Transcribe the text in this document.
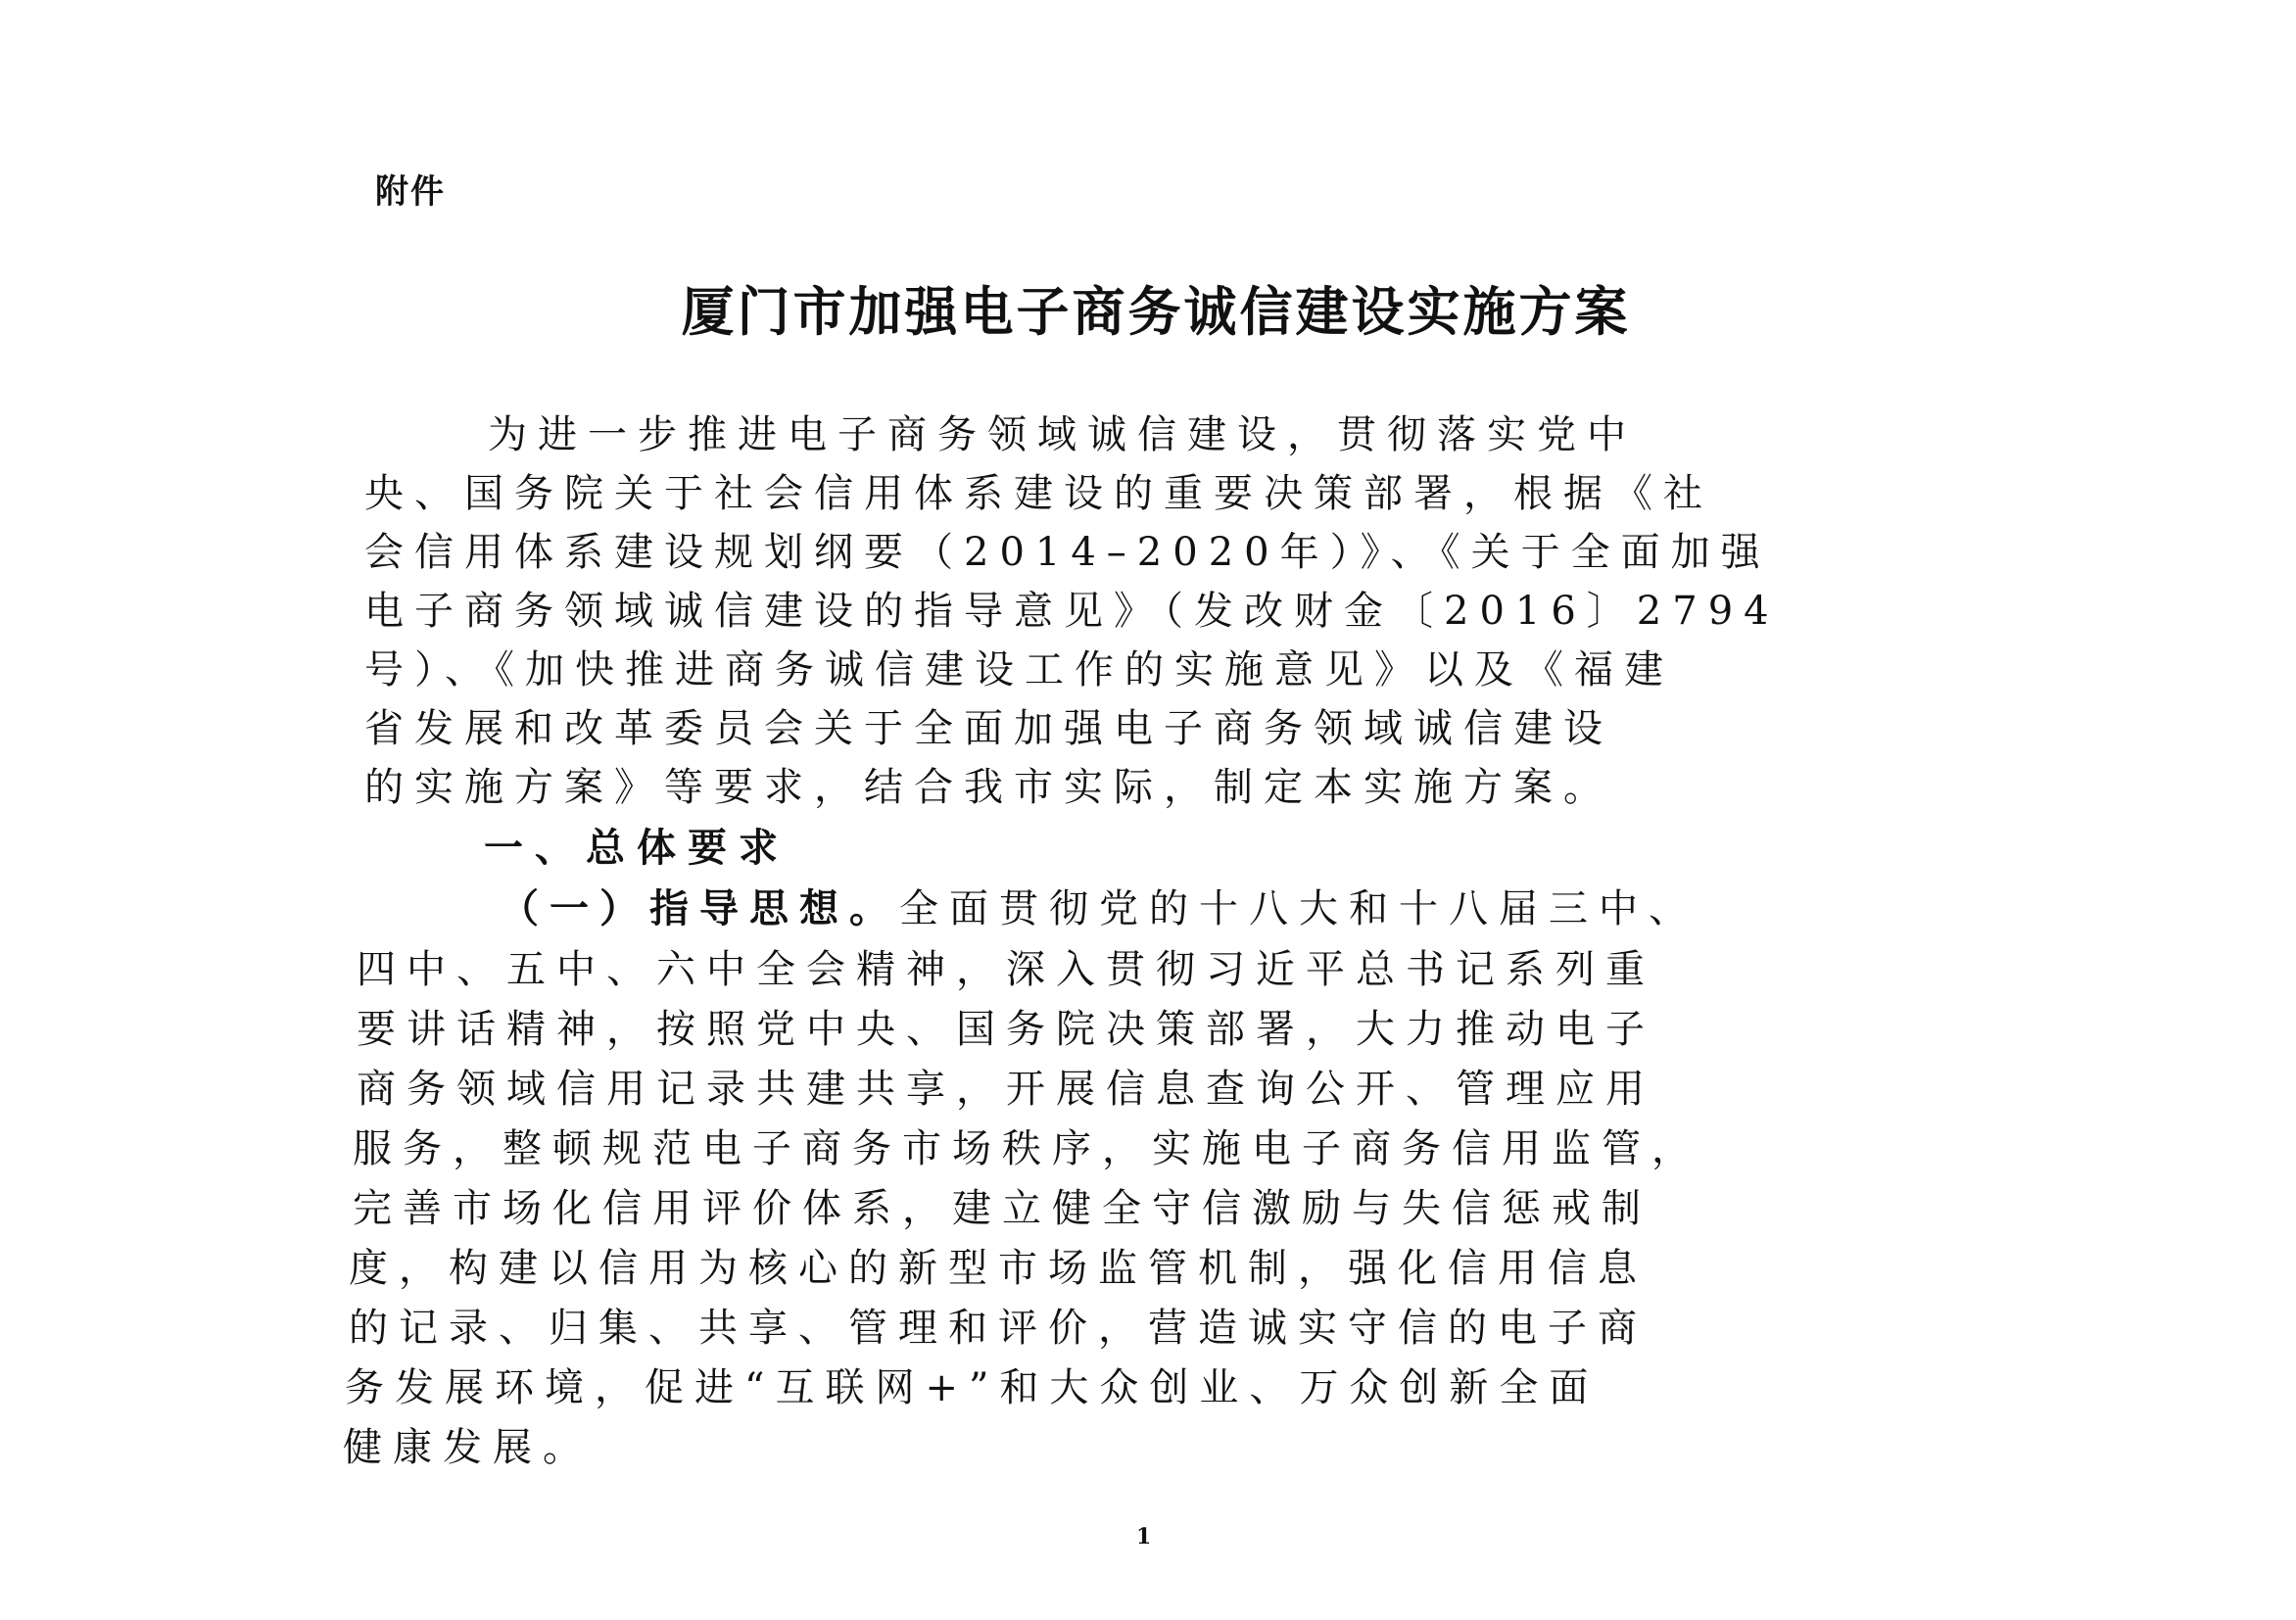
附件
厦门市加强电子商务诚信建设实施方案
为进一步推进电子商务领域诚信建设，贯彻落实党中
央、国务院关于社会信用体系建设的重要决策部署，根据《社
会信用体系建设规划纲要（2014–2020年）》、《关于全面加强
电子商务领域诚信建设的指导意见》（发改财金〔2016〕2794
号）、《加快推进商务诚信建设工作的实施意见》以及《福建
省发展和改革委员会关于全面加强电子商务领域诚信建设
的实施方案》等要求，结合我市实际，制定本实施方案。
一、总体要求
（一）指导思想。全面贯彻党的十八大和十八届三中、
四中、五中、六中全会精神，深入贯彻习近平总书记系列重
要讲话精神，按照党中央、国务院决策部署，大力推动电子
商务领域信用记录共建共享，开展信息查询公开、管理应用
服务，整顿规范电子商务市场秩序，实施电子商务信用监管，
完善市场化信用评价体系，建立健全守信激励与失信惩戒制
度，构建以信用为核心的新型市场监管机制，强化信用信息
的记录、归集、共享、管理和评价，营造诚实守信的电子商
务发展环境，促进“互联网+”和大众创业、万众创新全面
健康发展。
1
